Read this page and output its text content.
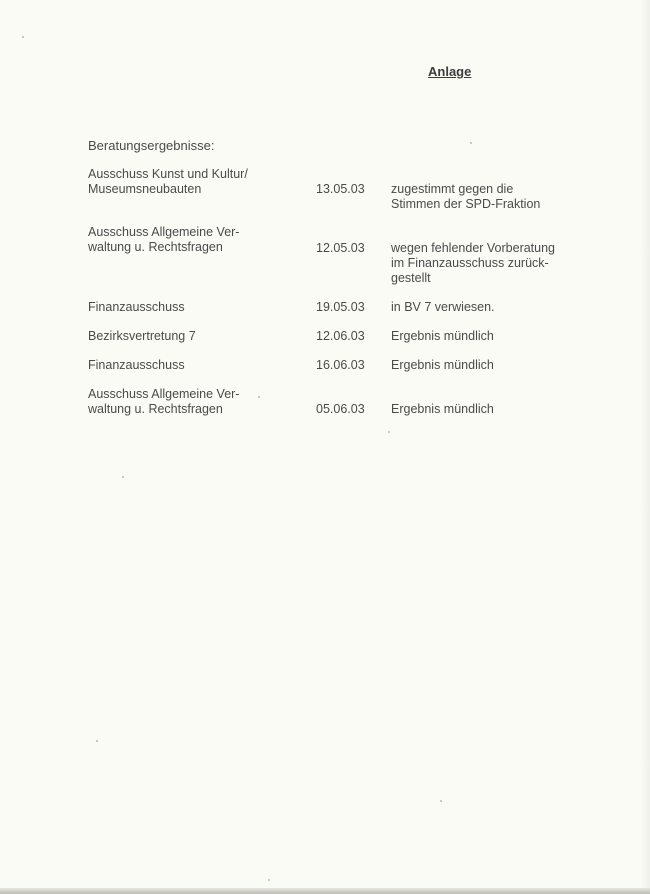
Anlage
Beratungsergebnisse:
Ausschuss Kunst und Kultur/
Museumsneubauten	13.05.03	zugestimmt gegen die
Stimmen der SPD-Fraktion
Ausschuss Allgemeine Ver-
waltung u. Rechtsfragen	12.05.03	wegen fehlender Vorberatung
im Finanzausschuss zurück-
gestellt
Finanzausschuss	19.05.03	in BV 7 verwiesen.
Bezirksvertretung 7	12.06.03	Ergebnis mündlich
Finanzausschuss	16.06.03	Ergebnis mündlich
Ausschuss Allgemeine Ver-
waltung u. Rechtsfragen	05.06.03	Ergebnis mündlich
